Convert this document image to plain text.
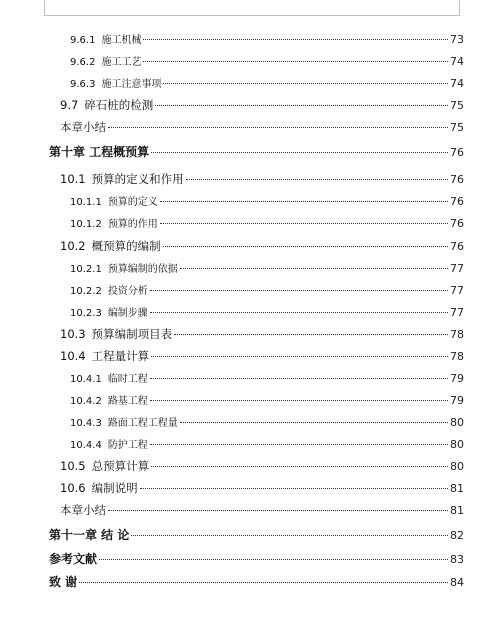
9.6.1 施工机械	73
9.6.2 施工工艺	74
9.6.3 施工注意事项	74
9.7 碎石桩的检测	75
本章小结	75
第十章 工程概预算	76
10.1 预算的定义和作用	76
10.1.1 预算的定义	76
10.1.2 预算的作用	76
10.2 概预算的编制	76
10.2.1 预算编制的依据	77
10.2.2 投资分析	77
10.2.3 编制步骤	77
10.3 预算编制项目表	78
10.4 工程量计算	78
10.4.1 临时工程	79
10.4.2 路基工程	79
10.4.3 路面工程工程量	80
10.4.4 防护工程	80
10.5 总预算计算	80
10.6 编制说明	81
本章小结	81
第十一章 结 论	82
参考文献	83
致 谢	84
